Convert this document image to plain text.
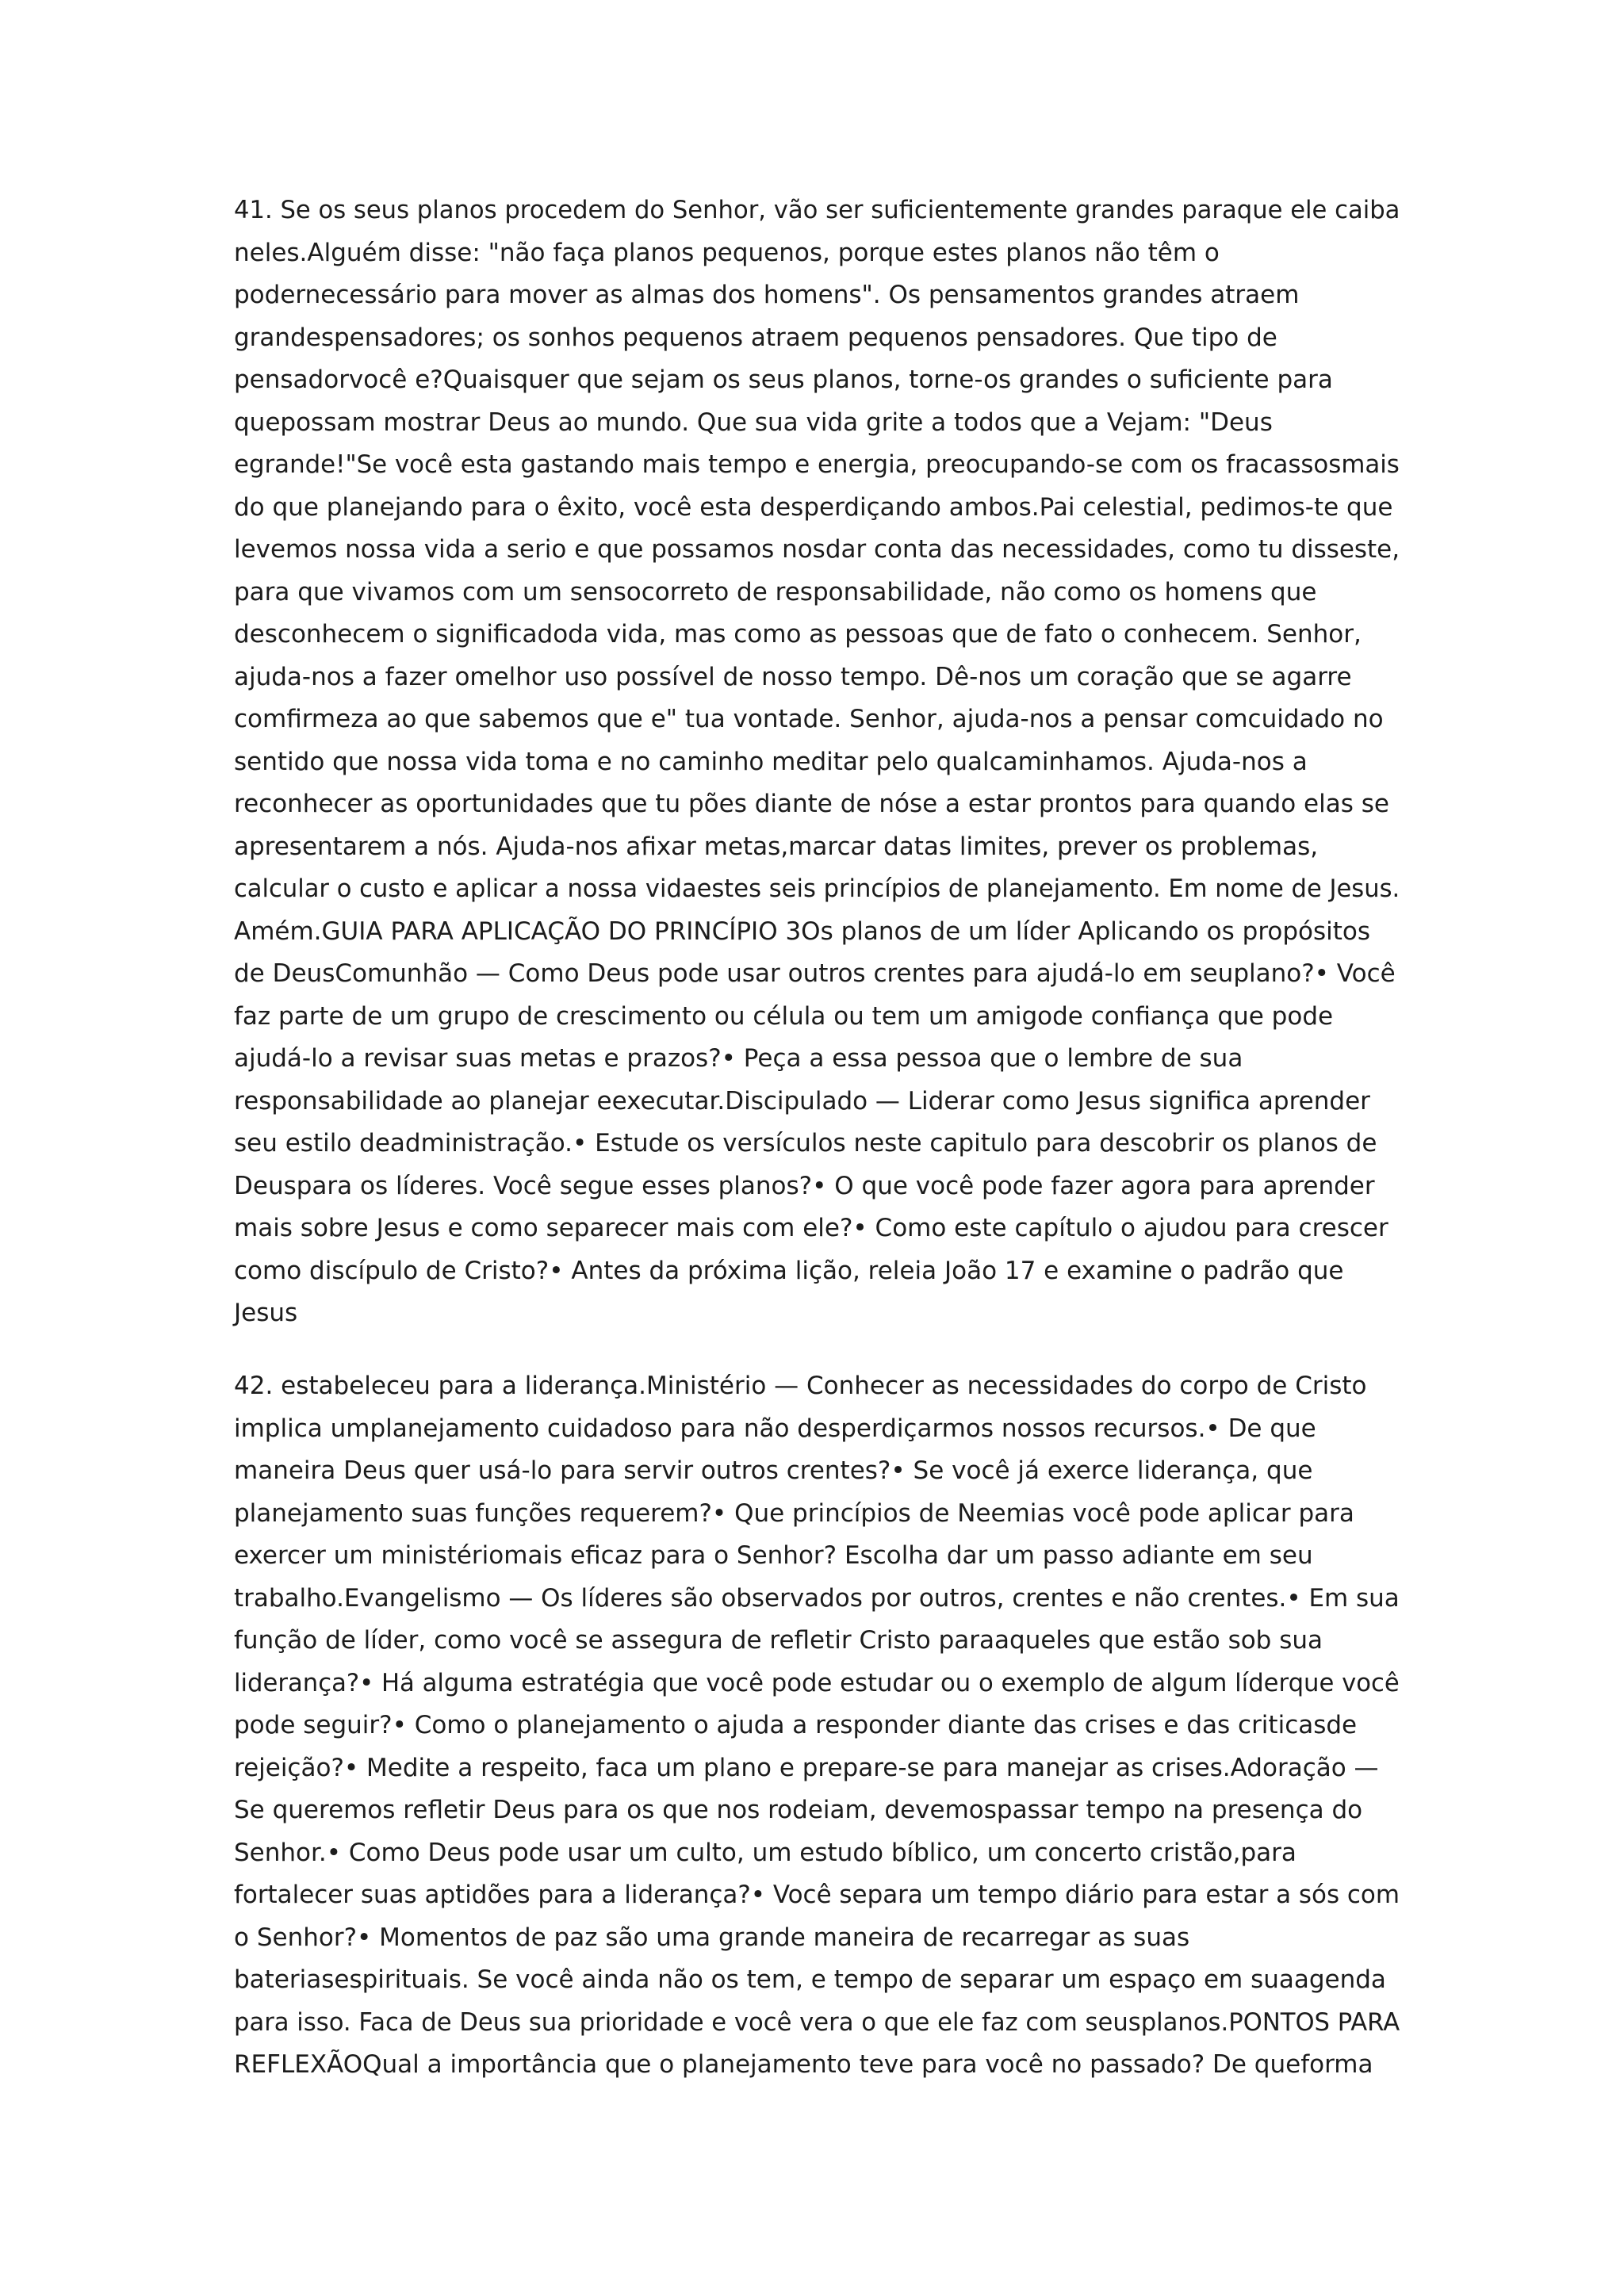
41. Se os seus planos procedem do Senhor, vão ser suficientemente grandes paraque ele caiba
neles.Alguém disse: "não faça planos pequenos, porque estes planos não têm o
podernecessário para mover as almas dos homens". Os pensamentos grandes atraem
grandespensadores; os sonhos pequenos atraem pequenos pensadores. Que tipo de
pensadorvocê e?Quaisquer que sejam os seus planos, torne-os grandes o suficiente para
quepossam mostrar Deus ao mundo. Que sua vida grite a todos que a Vejam: "Deus
egrande!"Se você esta gastando mais tempo e energia, preocupando-se com os fracassosmais
do que planejando para o êxito, você esta desperdiçando ambos.Pai celestial, pedimos-te que
levemos nossa vida a serio e que possamos nosdar conta das necessidades, como tu disseste,
para que vivamos com um sensocorreto de responsabilidade, não como os homens que
desconhecem o significadoda vida, mas como as pessoas que de fato o conhecem. Senhor,
ajuda-nos a fazer omelhor uso possível de nosso tempo. Dê-nos um coração que se agarre
comfirmeza ao que sabemos que e" tua vontade. Senhor, ajuda-nos a pensar comcuidado no
sentido que nossa vida toma e no caminho meditar pelo qualcaminhamos. Ajuda-nos a
reconhecer as oportunidades que tu pões diante de nóse a estar prontos para quando elas se
apresentarem a nós. Ajuda-nos afixar metas,marcar datas limites, prever os problemas,
calcular o custo e aplicar a nossa vidaestes seis princípios de planejamento. Em nome de Jesus.
Amém.GUIA PARA APLICAÇÃO DO PRINCÍPIO 3Os planos de um líder Aplicando os propósitos
de DeusComunhão — Como Deus pode usar outros crentes para ajudá-lo em seuplano?• Você
faz parte de um grupo de crescimento ou célula ou tem um amigode confiança que pode
ajudá-lo a revisar suas metas e prazos?• Peça a essa pessoa que o lembre de sua
responsabilidade ao planejar eexecutar.Discipulado — Liderar como Jesus significa aprender
seu estilo deadministração.• Estude os versículos neste capitulo para descobrir os planos de
Deuspara os líderes. Você segue esses planos?• O que você pode fazer agora para aprender
mais sobre Jesus e como separecer mais com ele?• Como este capítulo o ajudou para crescer
como discípulo de Cristo?• Antes da próxima lição, releia João 17 e examine o padrão que
Jesus
42. estabeleceu para a liderança.Ministério — Conhecer as necessidades do corpo de Cristo
implica umplanejamento cuidadoso para não desperdiçarmos nossos recursos.• De que
maneira Deus quer usá-lo para servir outros crentes?• Se você já exerce liderança, que
planejamento suas funções requerem?• Que princípios de Neemias você pode aplicar para
exercer um ministériomais eficaz para o Senhor? Escolha dar um passo adiante em seu
trabalho.Evangelismo — Os líderes são observados por outros, crentes e não crentes.• Em sua
função de líder, como você se assegura de refletir Cristo paraaqueles que estão sob sua
liderança?• Há alguma estratégia que você pode estudar ou o exemplo de algum líderque você
pode seguir?• Como o planejamento o ajuda a responder diante das crises e das criticasde
rejeição?• Medite a respeito, faca um plano e prepare-se para manejar as crises.Adoração —
Se queremos refletir Deus para os que nos rodeiam, devemospassar tempo na presença do
Senhor.• Como Deus pode usar um culto, um estudo bíblico, um concerto cristão,para
fortalecer suas aptidões para a liderança?• Você separa um tempo diário para estar a sós com
o Senhor?• Momentos de paz são uma grande maneira de recarregar as suas
bateriasespirituais. Se você ainda não os tem, e tempo de separar um espaço em suaagenda
para isso. Faca de Deus sua prioridade e você vera o que ele faz com seusplanos.PONTOS PARA
REFLEXÃOQual a importância que o planejamento teve para você no passado? De queforma
